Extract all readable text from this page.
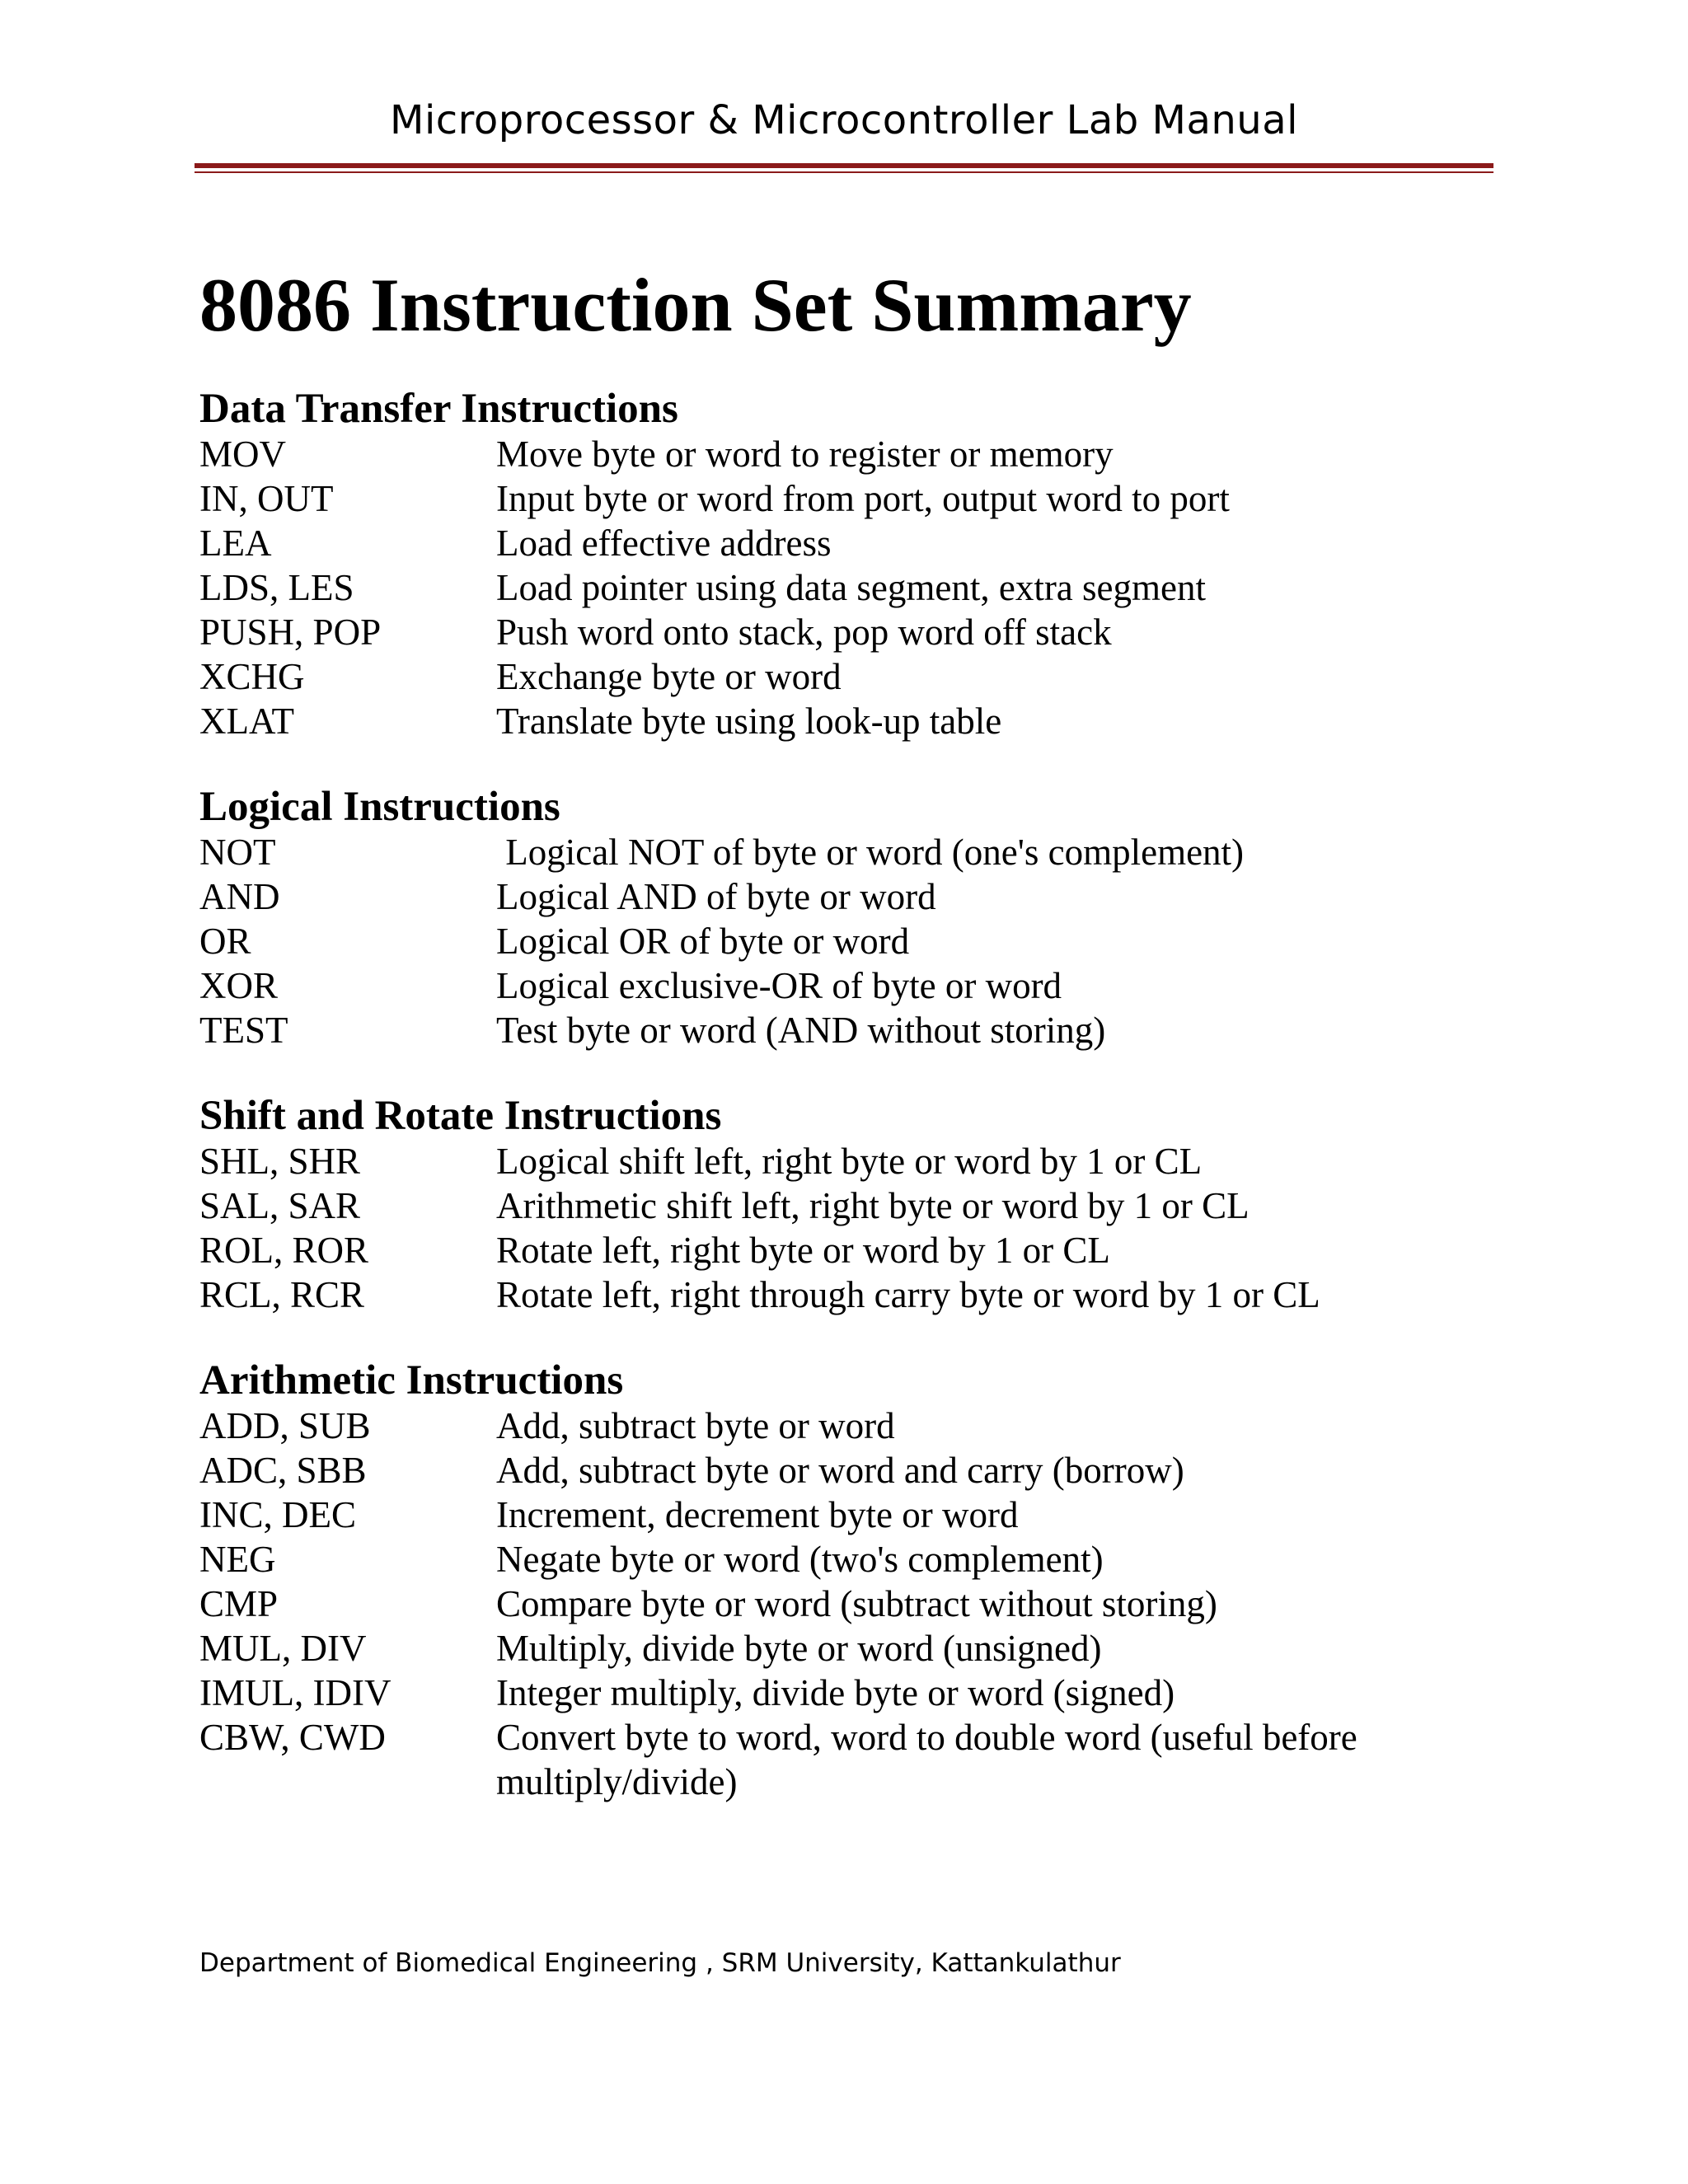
Microprocessor & Microcontroller Lab Manual
8086 Instruction Set Summary
Data Transfer Instructions
MOV	Move byte or word to register or memory
IN, OUT	Input byte or word from port, output word to port
LEA	Load effective address
LDS, LES	Load pointer using data segment, extra segment
PUSH, POP	Push word onto stack, pop word off stack
XCHG	Exchange byte or word
XLAT	Translate byte using look-up table
Logical Instructions
NOT	Logical NOT of byte or word (one's complement)
AND	Logical AND of byte or word
OR	Logical OR of byte or word
XOR	Logical exclusive-OR of byte or word
TEST	Test byte or word (AND without storing)
Shift and Rotate Instructions
SHL, SHR	Logical shift left, right byte or word by 1 or CL
SAL, SAR	Arithmetic shift left, right byte or word by 1 or CL
ROL, ROR	Rotate left, right byte or word by 1 or CL
RCL, RCR	Rotate left, right through carry byte or word by 1 or CL
Arithmetic Instructions
ADD, SUB	Add, subtract byte or word
ADC, SBB	Add, subtract byte or word and carry (borrow)
INC, DEC	Increment, decrement byte or word
NEG	Negate byte or word (two's complement)
CMP	Compare byte or word (subtract without storing)
MUL, DIV	Multiply, divide byte or word (unsigned)
IMUL, IDIV	Integer multiply, divide byte or word (signed)
CBW, CWD	Convert byte to word, word to double word (useful before multiply/divide)
Department of Biomedical Engineering , SRM University, Kattankulathur
